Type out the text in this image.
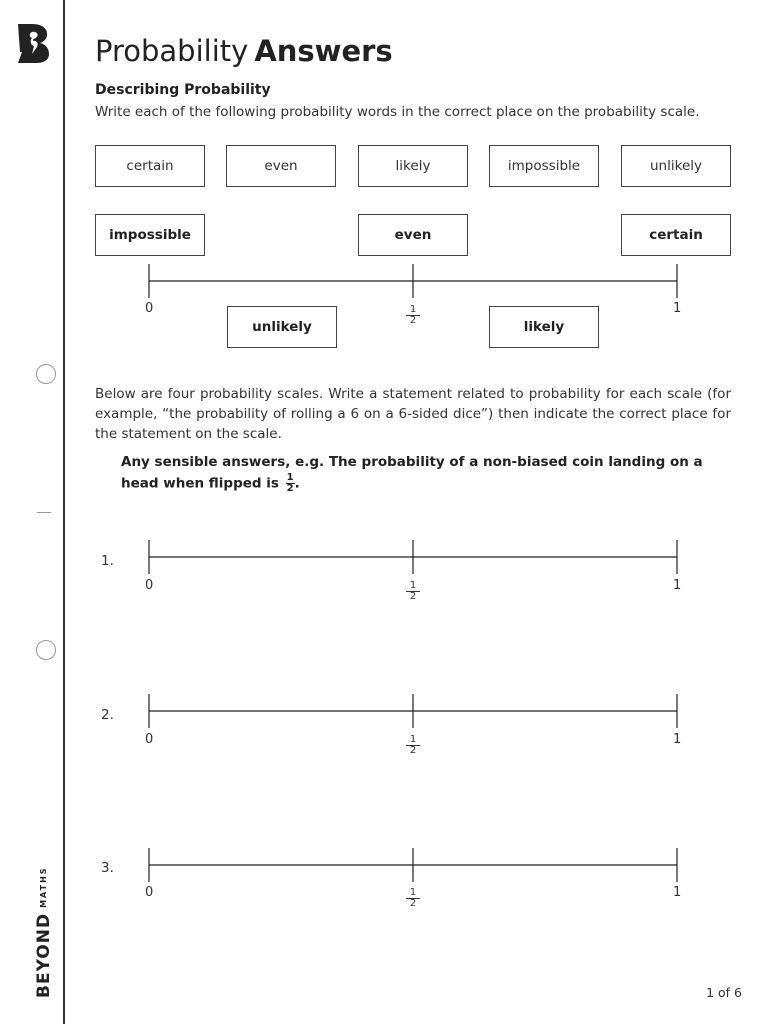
BEYONDMATHS
Probability Answers
Describing Probability
Write each of the following probability words in the correct place on the probability scale.
certain	even	likely	impossible	unlikely
impossible	even	certain
0	$\frac{1}{2}$	1
unlikely	likely
Below are four probability scales. Write a statement related to probability for each scale (for example, “the probability of rolling a 6 on a 6-sided dice”) then indicate the correct place for the statement on the scale.
Any sensible answers, e.g. The probability of a non-biased coin landing on a head when flipped is $\frac{1}{2}$ .
1.
0	$\frac{1}{2}$	1
2.
0	$\frac{1}{2}$	1
3.
0	$\frac{1}{2}$	1
1 of 6
